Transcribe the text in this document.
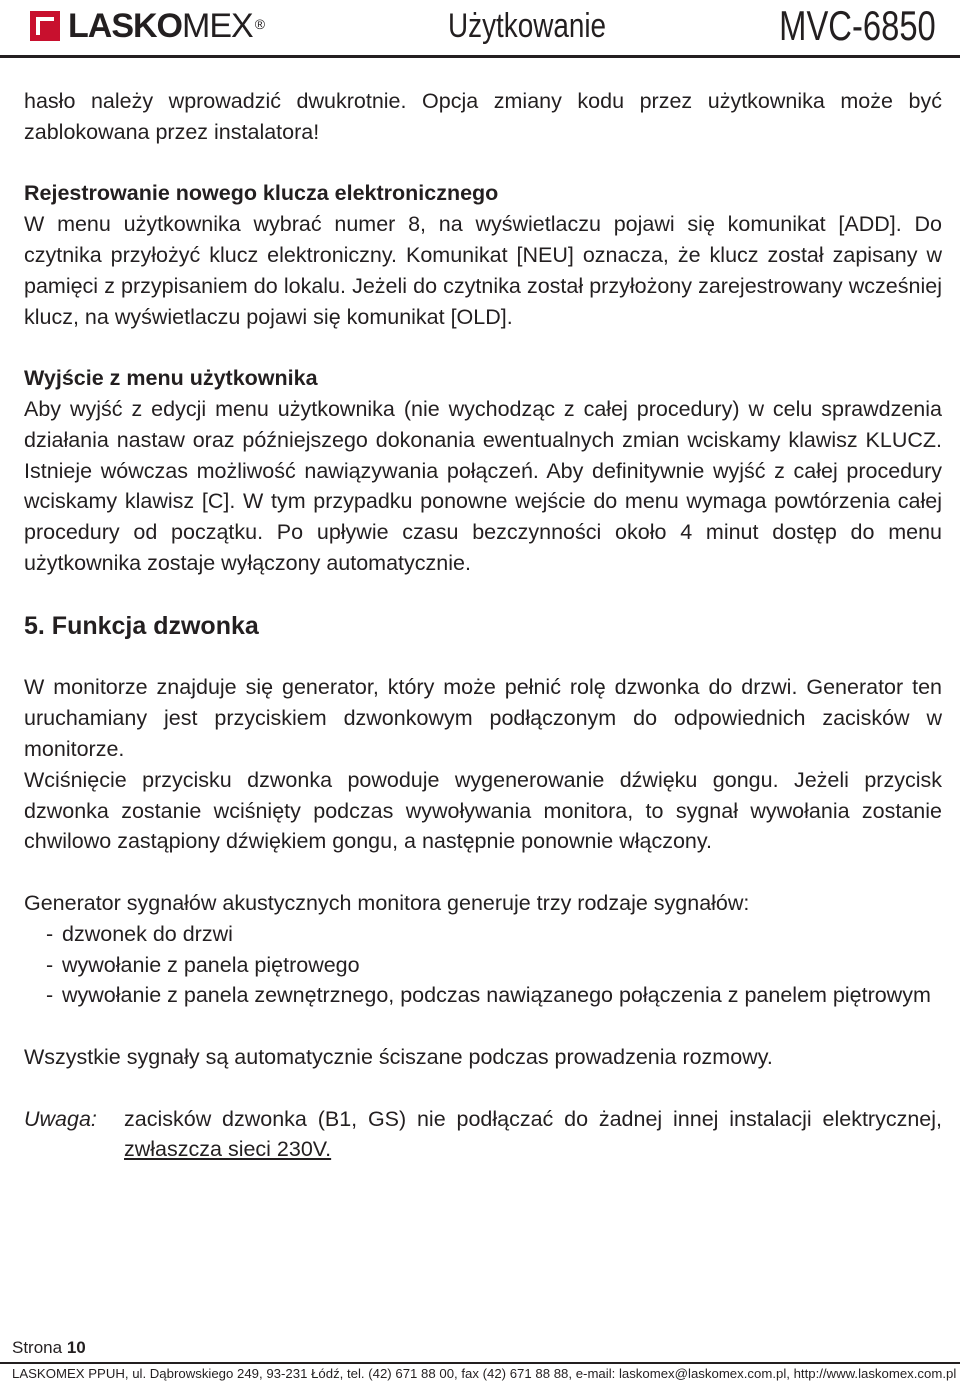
LASKOMEX ®	Użytkowanie	MVC-6850

hasło należy wprowadzić dwukrotnie. Opcja zmiany kodu przez użytkownika może być zablokowana przez instalatora!

Rejestrowanie nowego klucza elektronicznego

W menu użytkownika wybrać numer 8, na wyświetlaczu pojawi się komunikat [ADD]. Do czytnika przyłożyć klucz elektroniczny. Komunikat [NEU] oznacza, że klucz został zapisany w pamięci z przypisaniem do lokalu. Jeżeli do czytnika został przyłożony zarejestrowany wcześniej klucz, na wyświetlaczu pojawi się komunikat [OLD].

Wyjście z menu użytkownika

Aby wyjść z edycji menu użytkownika (nie wychodząc z całej procedury) w celu sprawdzenia działania nastaw oraz późniejszego dokonania ewentualnych zmian wciskamy klawisz KLUCZ. Istnieje wówczas możliwość nawiązywania połączeń. Aby definitywnie wyjść z całej procedury wciskamy klawisz [C]. W tym przypadku ponowne wejście do menu wymaga powtórzenia całej procedury od początku. Po upływie czasu bezczynności około 4 minut dostęp do menu użytkownika zostaje wyłączony automatycznie.

5. Funkcja dzwonka

W monitorze znajduje się generator, który może pełnić rolę dzwonka do drzwi. Generator ten uruchamiany jest przyciskiem dzwonkowym podłączonym do odpowiednich zacisków w monitorze.

Wciśnięcie przycisku dzwonka powoduje wygenerowanie dźwięku gongu. Jeżeli przycisk dzwonka zostanie wciśnięty podczas wywoływania monitora, to sygnał wywołania zostanie chwilowo zastąpiony dźwiękiem gongu, a następnie ponownie włączony.

Generator sygnałów akustycznych monitora generuje trzy rodzaje sygnałów:

- dzwonek do drzwi
- wywołanie z panela piętrowego
- wywołanie z panela zewnętrznego, podczas nawiązanego połączenia z panelem piętrowym

Wszystkie sygnały są automatycznie ściszane podczas prowadzenia rozmowy.

Uwaga:	zacisków dzwonka (B1, GS) nie podłączać do żadnej innej instalacji elektrycznej, zwłaszcza sieci 230V.
Strona 10
LASKOMEX PPUH, ul. Dąbrowskiego 249, 93-231 Łódź, tel. (42) 671 88 00, fax (42) 671 88 88, e-mail: laskomex@laskomex.com.pl, http://www.laskomex.com.pl
